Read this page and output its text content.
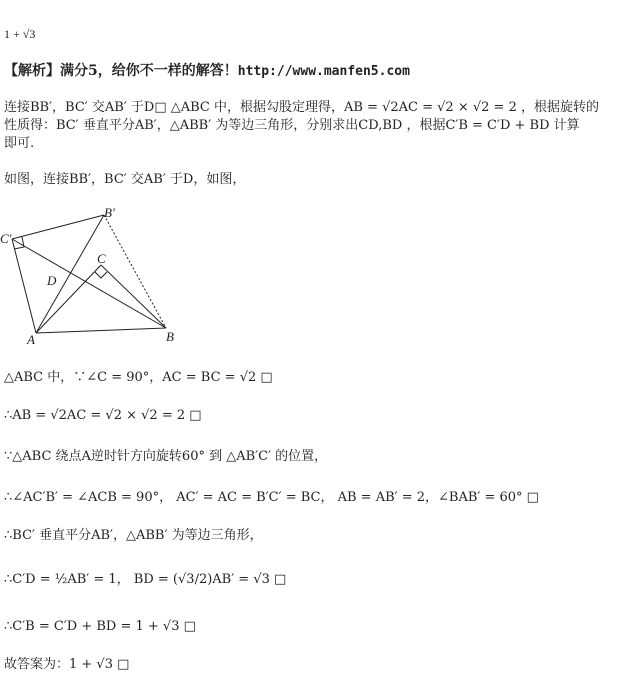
1 + √3
【解析】满分5，给你不一样的解答！http://www.manfen5.com
连接BB′，BC′ 交AB′ 于D□ △ABC 中，根据勾股定理得，AB = √2AC = √2 × √2 = 2 ，根据旋转的
性质得：BC′ 垂直平分AB′，△ABB′ 为等边三角形，分别求出CD,BD ，根据C′B = C′D + BD 计算
即可.
如图，连接BB′，BC′ 交AB′ 于D，如图，
C′
B′
C
D
A	B
△ABC 中，∵∠C = 90°，AC = BC = √2 □
∴AB = √2AC = √2 × √2 = 2 □
∵△ABC 绕点A逆时针方向旋转60° 到 △AB′C′ 的位置，
∴∠AC′B′ = ∠ACB = 90°， AC′ = AC = B′C′ = BC， AB = AB′ = 2，∠BAB′ = 60° □
∴BC′ 垂直平分AB′，△ABB′ 为等边三角形，
∴C′D = ½AB′ = 1， BD = (√3/2)AB′ = √3 □
∴C′B = C′D + BD = 1 + √3 □
故答案为：1 + √3 □
